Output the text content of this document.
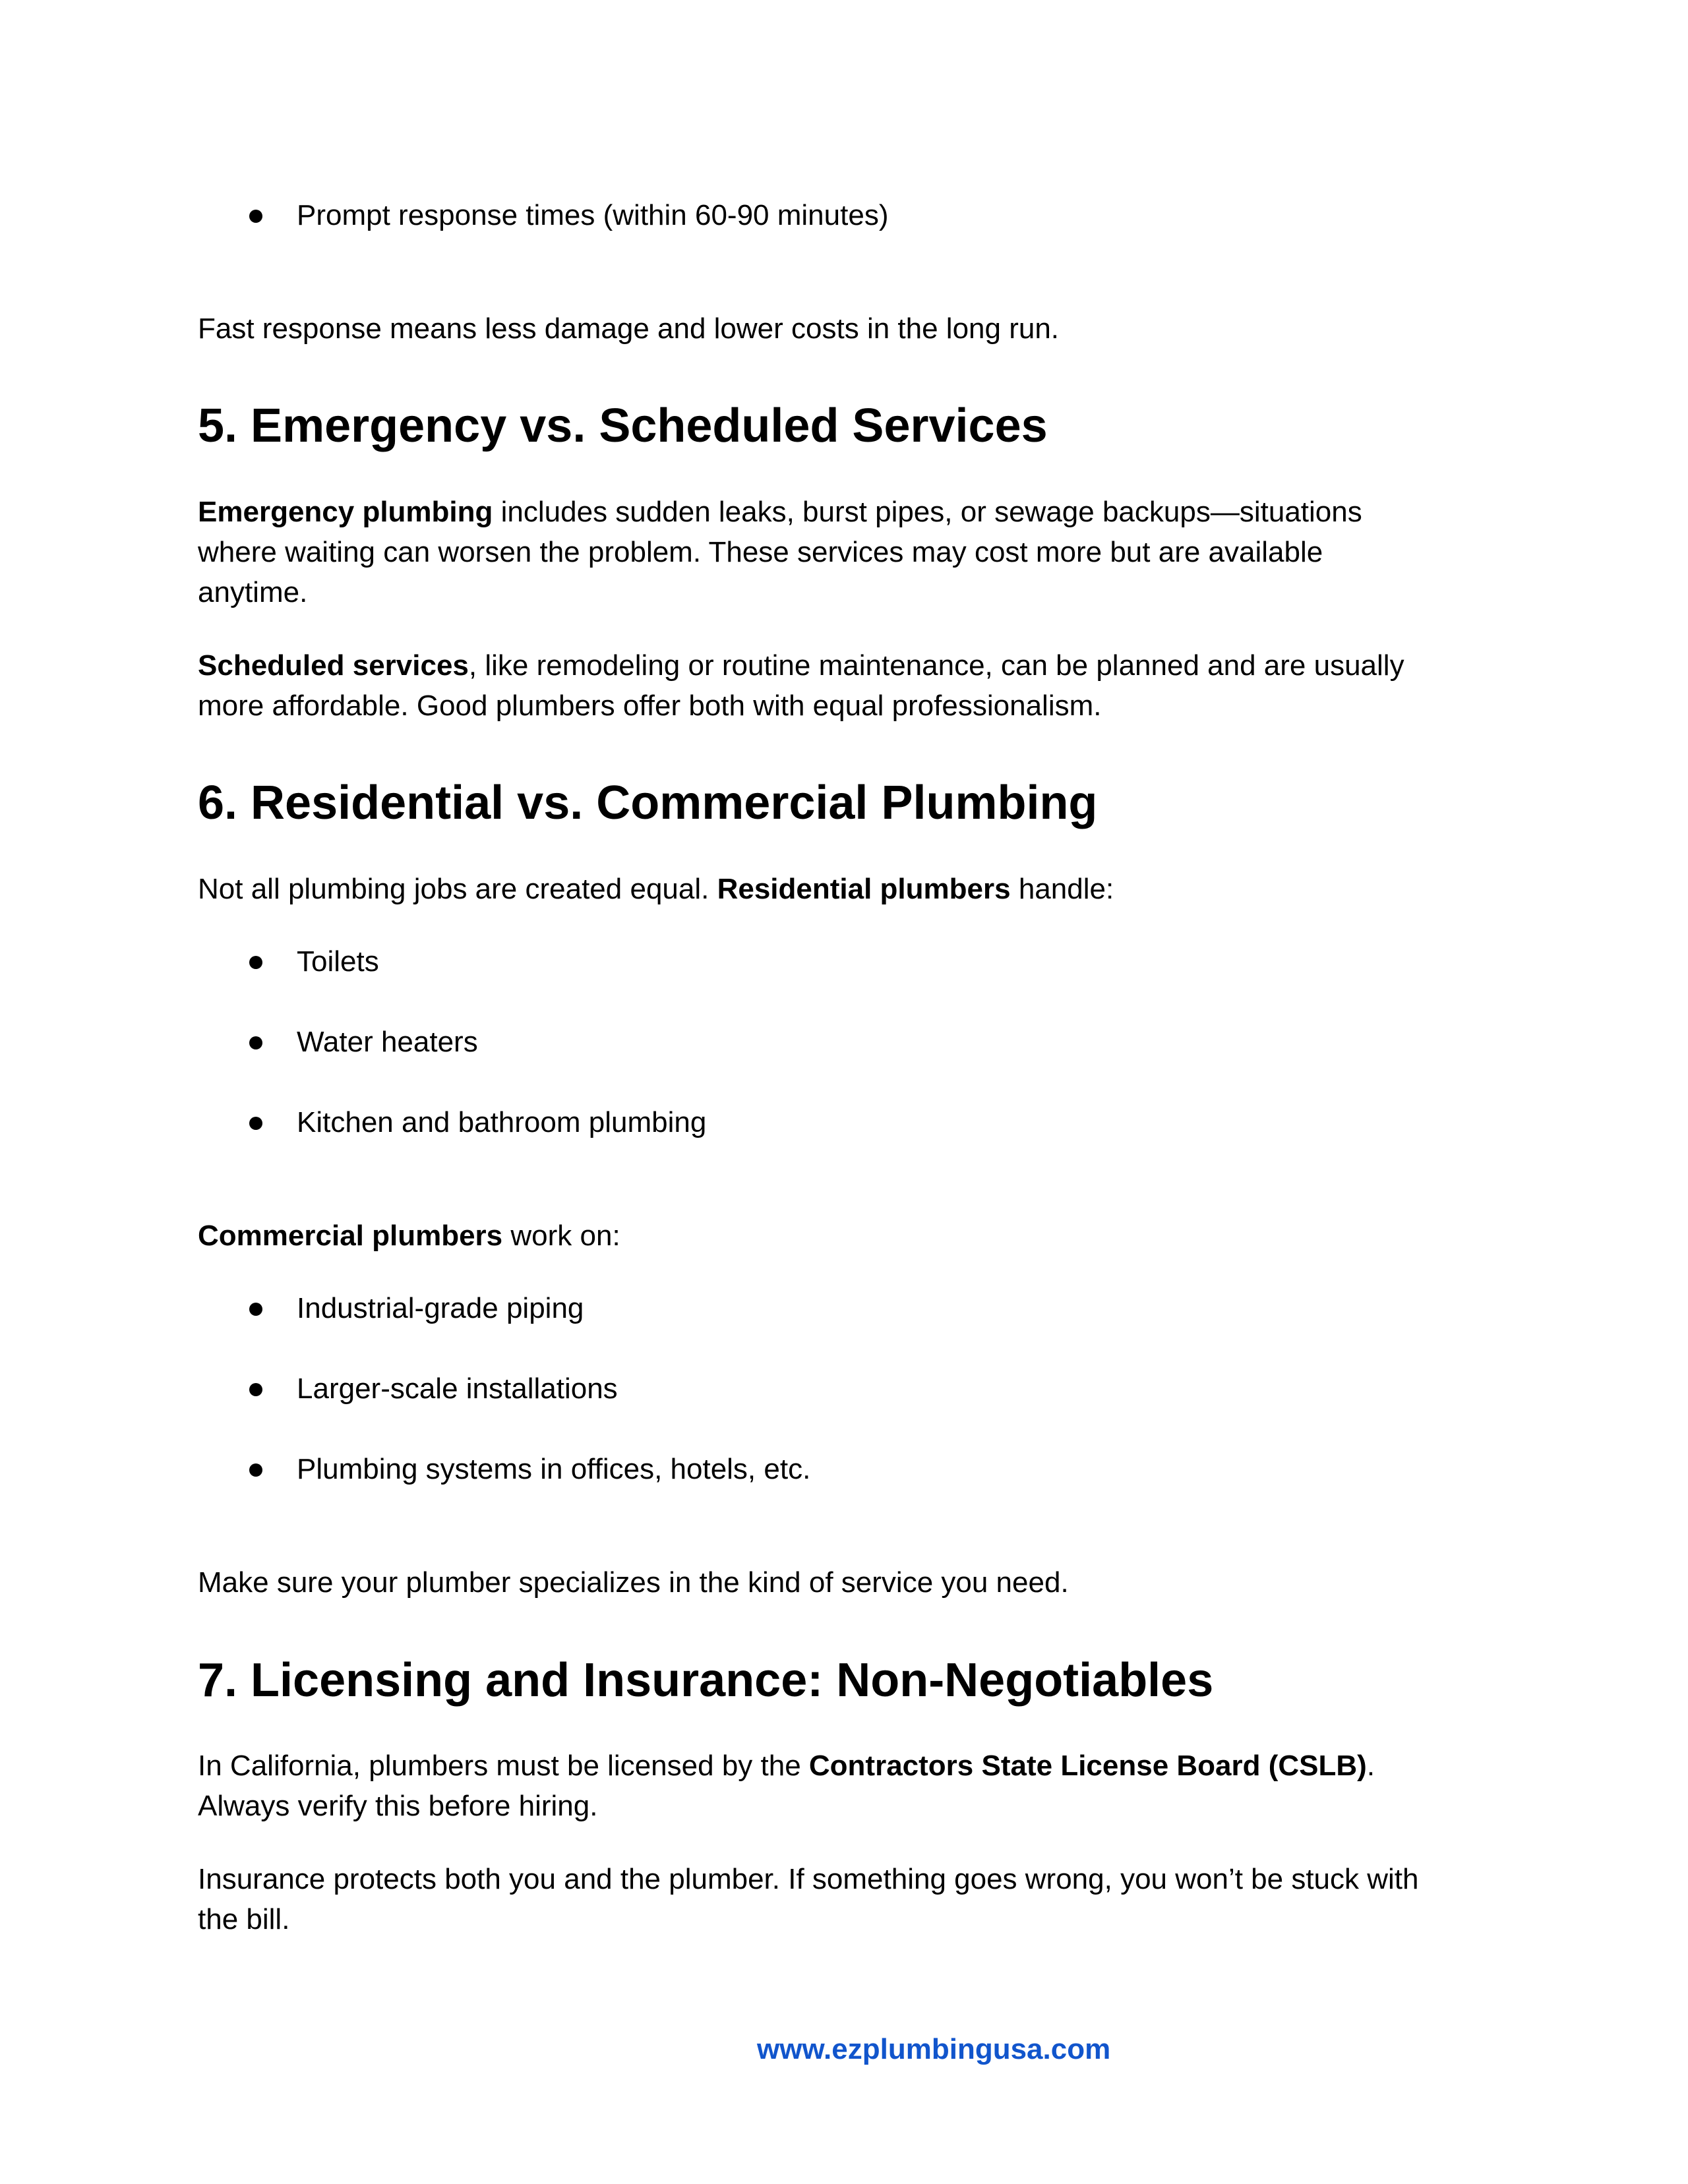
Prompt response times (within 60-90 minutes)
Fast response means less damage and lower costs in the long run.
5. Emergency vs. Scheduled Services
Emergency plumbing includes sudden leaks, burst pipes, or sewage backups—situations
where waiting can worsen the problem. These services may cost more but are available
anytime.
Scheduled services, like remodeling or routine maintenance, can be planned and are usually
more affordable. Good plumbers offer both with equal professionalism.
6. Residential vs. Commercial Plumbing
Not all plumbing jobs are created equal. Residential plumbers handle:
Toilets
Water heaters
Kitchen and bathroom plumbing
Commercial plumbers work on:
Industrial-grade piping
Larger-scale installations
Plumbing systems in offices, hotels, etc.
Make sure your plumber specializes in the kind of service you need.
7. Licensing and Insurance: Non-Negotiables
In California, plumbers must be licensed by the Contractors State License Board (CSLB).
Always verify this before hiring.
Insurance protects both you and the plumber. If something goes wrong, you won’t be stuck with
the bill.
www.ezplumbingusa.com
